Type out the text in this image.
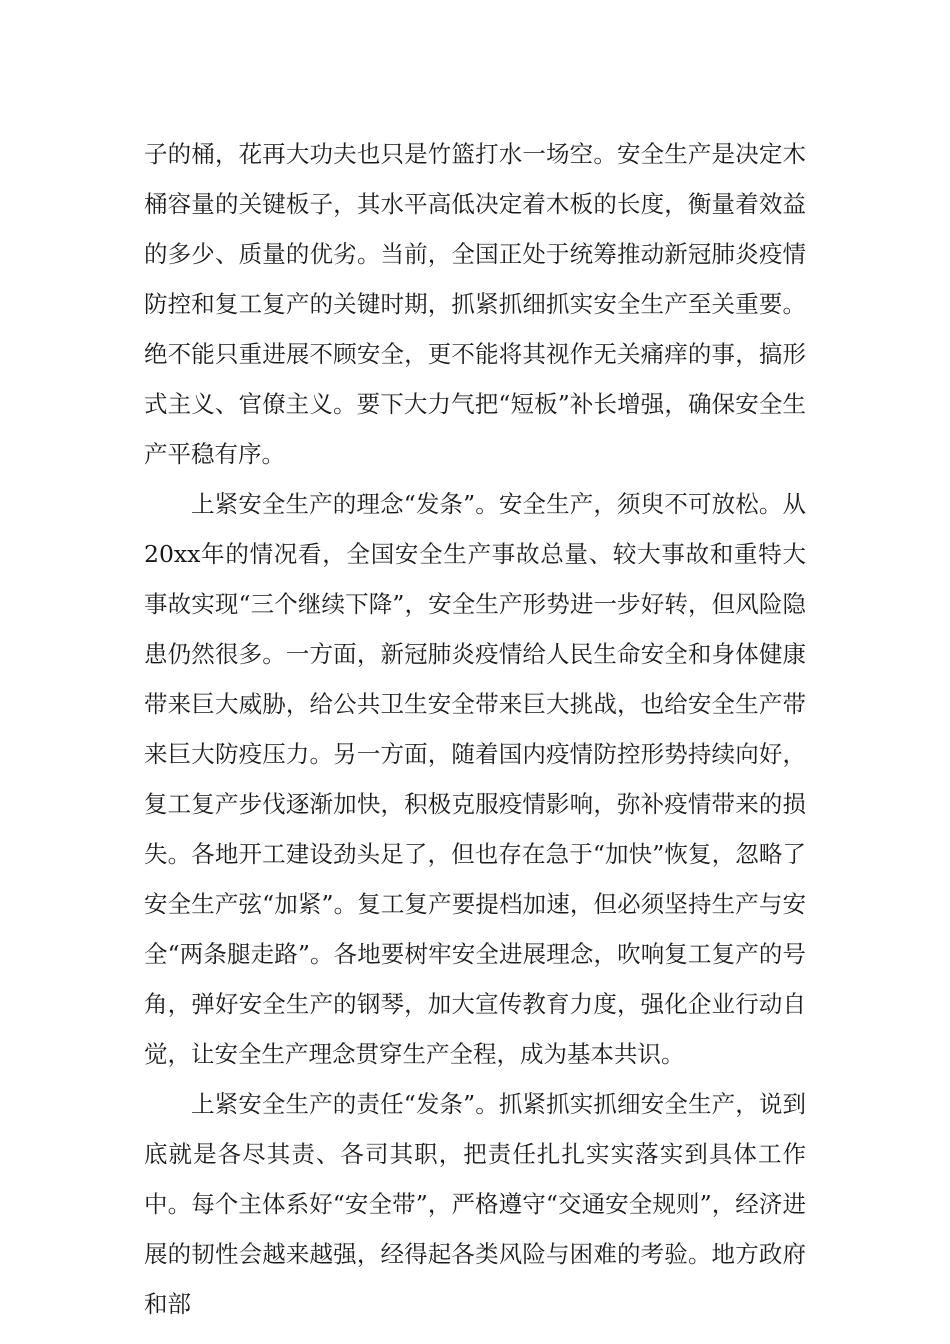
子的桶，花再大功夫也只是竹篮打水一场空。安全生产是决定木桶容量的关键板子，其水平高低决定着木板的长度，衡量着效益的多少、质量的优劣。当前，全国正处于统筹推动新冠肺炎疫情防控和复工复产的关键时期，抓紧抓细抓实安全生产至关重要。绝不能只重进展不顾安全，更不能将其视作无关痛痒的事，搞形式主义、官僚主义。要下大力气把“短板”补长增强，确保安全生产平稳有序。

上紧安全生产的理念“发条”。安全生产，须臾不可放松。从20xx年的情况看，全国安全生产事故总量、较大事故和重特大事故实现“三个继续下降”，安全生产形势进一步好转，但风险隐患仍然很多。一方面，新冠肺炎疫情给人民生命安全和身体健康带来巨大威胁，给公共卫生安全带来巨大挑战，也给安全生产带来巨大防疫压力。另一方面，随着国内疫情防控形势持续向好，复工复产步伐逐渐加快，积极克服疫情影响，弥补疫情带来的损失。各地开工建设劲头足了，但也存在急于“加快”恢复，忽略了安全生产弦“加紧”。复工复产要提档加速，但必须坚持生产与安全“两条腿走路”。各地要树牢安全进展理念，吹响复工复产的号角，弹好安全生产的钢琴，加大宣传教育力度，强化企业行动自觉，让安全生产理念贯穿生产全程，成为基本共识。

上紧安全生产的责任“发条”。抓紧抓实抓细安全生产，说到底就是各尽其责、各司其职，把责任扎扎实实落实到具体工作中。每个主体系好“安全带”，严格遵守“交通安全规则”，经济进展的韧性会越来越强，经得起各类风险与困难的考验。地方政府和部
